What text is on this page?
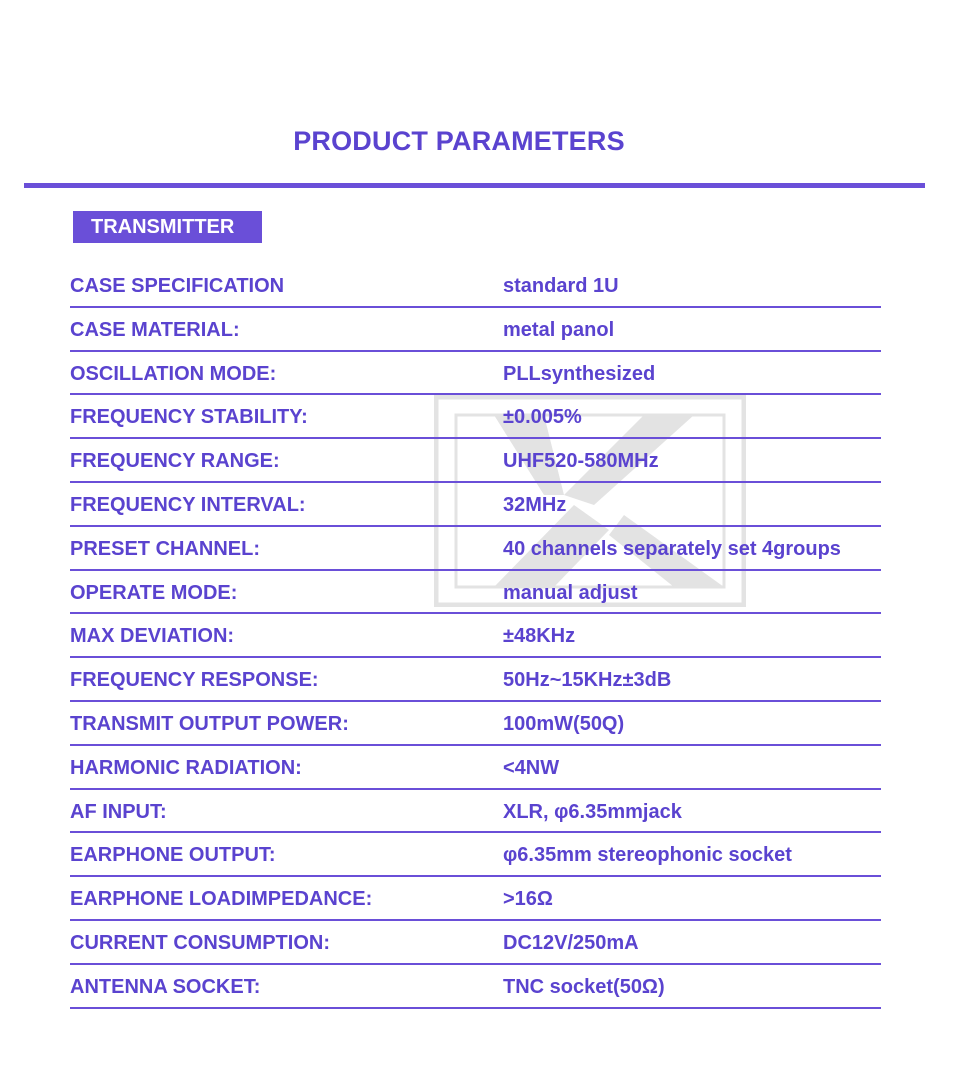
PRODUCT PARAMETERS
TRANSMITTER
CASE SPECIFICATION	standard 1U
CASE MATERIAL:	metal panol
OSCILLATION MODE:	PLLsynthesized
FREQUENCY STABILITY:	±0.005%
FREQUENCY RANGE:	UHF520-580MHz
FREQUENCY INTERVAL:	32MHz
PRESET CHANNEL:	40 channels separately set 4groups
OPERATE MODE:	manual adjust
MAX DEVIATION:	±48KHz
FREQUENCY RESPONSE:	50Hz~15KHz±3dB
TRANSMIT OUTPUT POWER:	100mW(50Q)
HARMONIC RADIATION:	<4NW
AF INPUT:	XLR, φ6.35mmjack
EARPHONE OUTPUT:	φ6.35mm stereophonic socket
EARPHONE LOADIMPEDANCE:	>16Ω
CURRENT CONSUMPTION:	DC12V/250mA
ANTENNA SOCKET:	TNC socket(50Ω)
